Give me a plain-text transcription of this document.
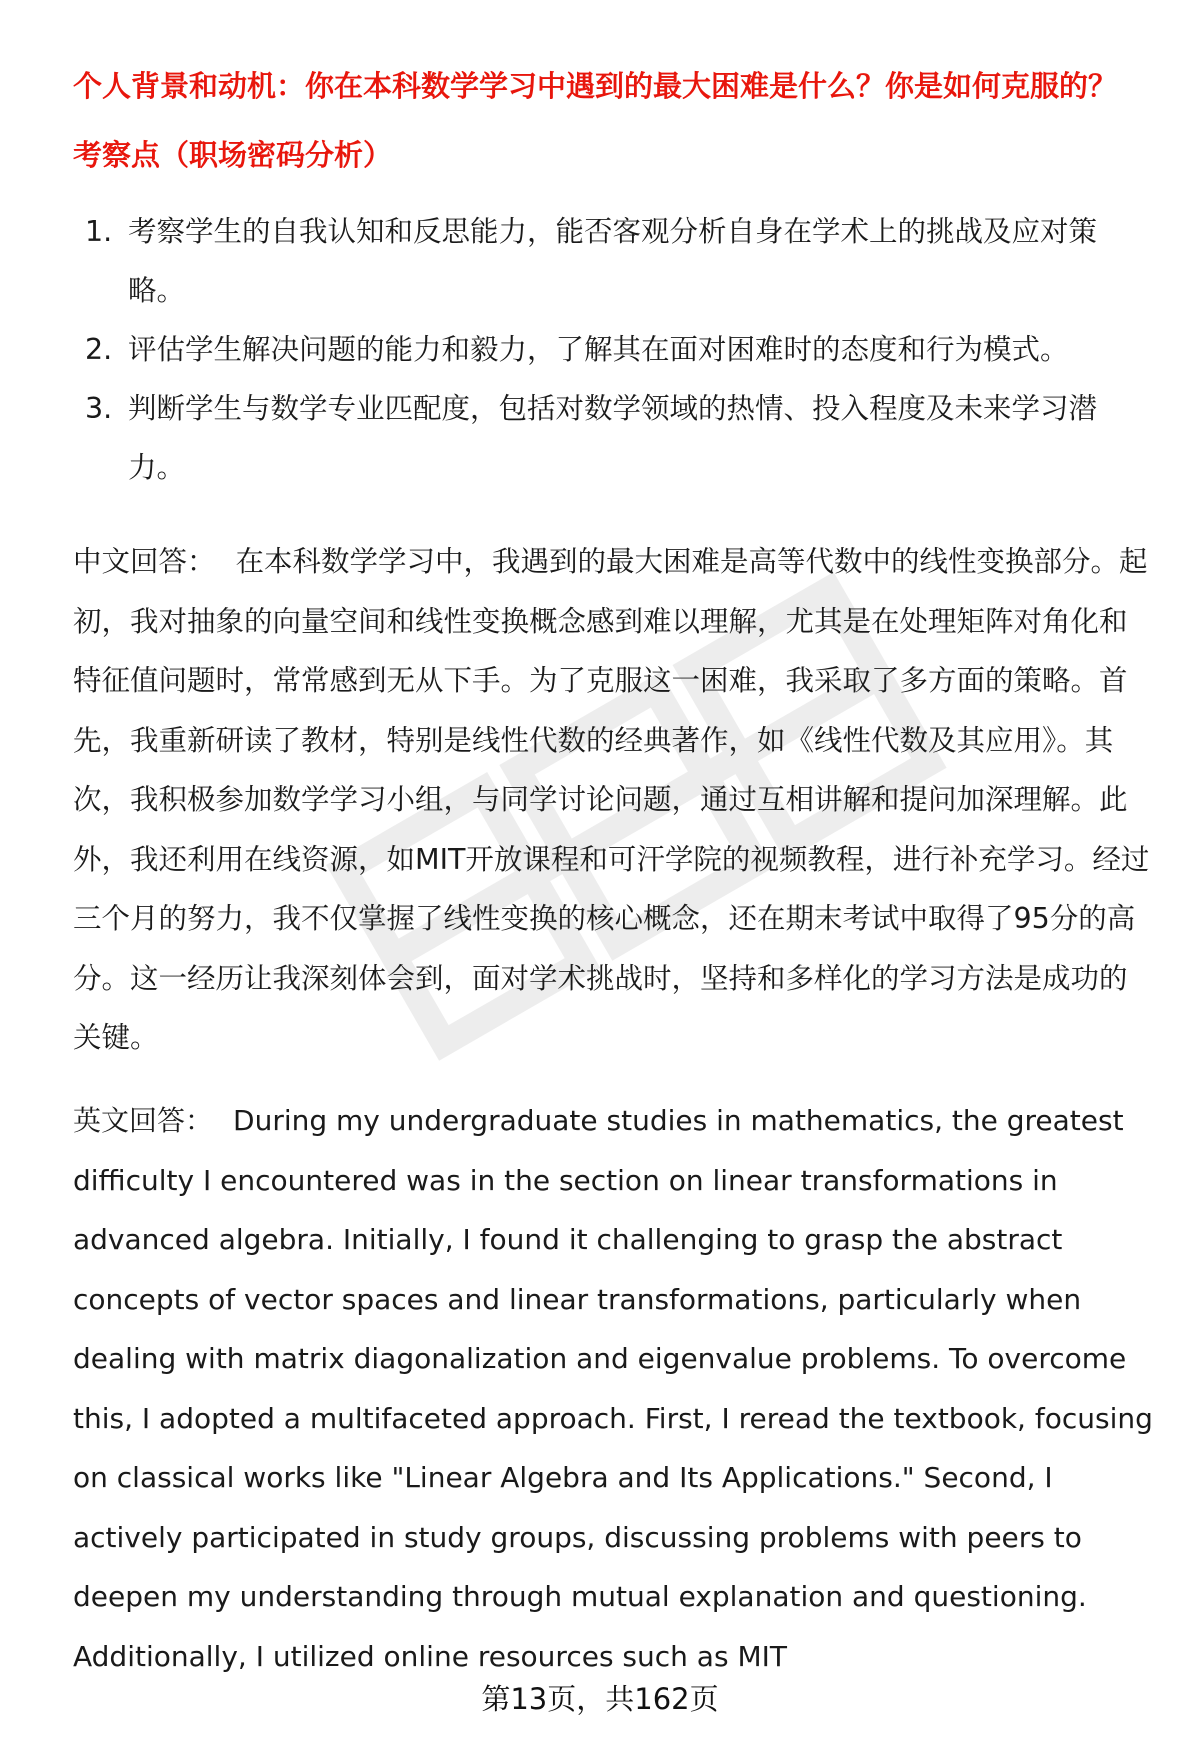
个人背景和动机：你在本科数学学习中遇到的最大困难是什么？你是如何克服的？
考察点（职场密码分析）
1. 考察学生的自我认知和反思能力，能否客观分析自身在学术上的挑战及应对策略。
2. 评估学生解决问题的能力和毅力，了解其在面对困难时的态度和行为模式。
3. 判断学生与数学专业匹配度，包括对数学领域的热情、投入程度及未来学习潜力。

中文回答： 在本科数学学习中，我遇到的最大困难是高等代数中的线性变换部分。起初，我对抽象的向量空间和线性变换概念感到难以理解，尤其是在处理矩阵对角化和特征值问题时，常常感到无从下手。为了克服这一困难，我采取了多方面的策略。首先，我重新研读了教材，特别是线性代数的经典著作，如《线性代数及其应用》。其次，我积极参加数学学习小组，与同学讨论问题，通过互相讲解和提问加深理解。此外，我还利用在线资源，如MIT开放课程和可汗学院的视频教程，进行补充学习。经过三个月的努力，我不仅掌握了线性变换的核心概念，还在期末考试中取得了95分的高分。这一经历让我深刻体会到，面对学术挑战时，坚持和多样化的学习方法是成功的关键。

英文回答： During my undergraduate studies in mathematics, the greatest difficulty I encountered was in the section on linear transformations in advanced algebra. Initially, I found it challenging to grasp the abstract concepts of vector spaces and linear transformations, particularly when dealing with matrix diagonalization and eigenvalue problems. To overcome this, I adopted a multifaceted approach. First, I reread the textbook, focusing on classical works like "Linear Algebra and Its Applications." Second, I actively participated in study groups, discussing problems with peers to deepen my understanding through mutual explanation and questioning. Additionally, I utilized online resources such as MIT

第13页，共162页
